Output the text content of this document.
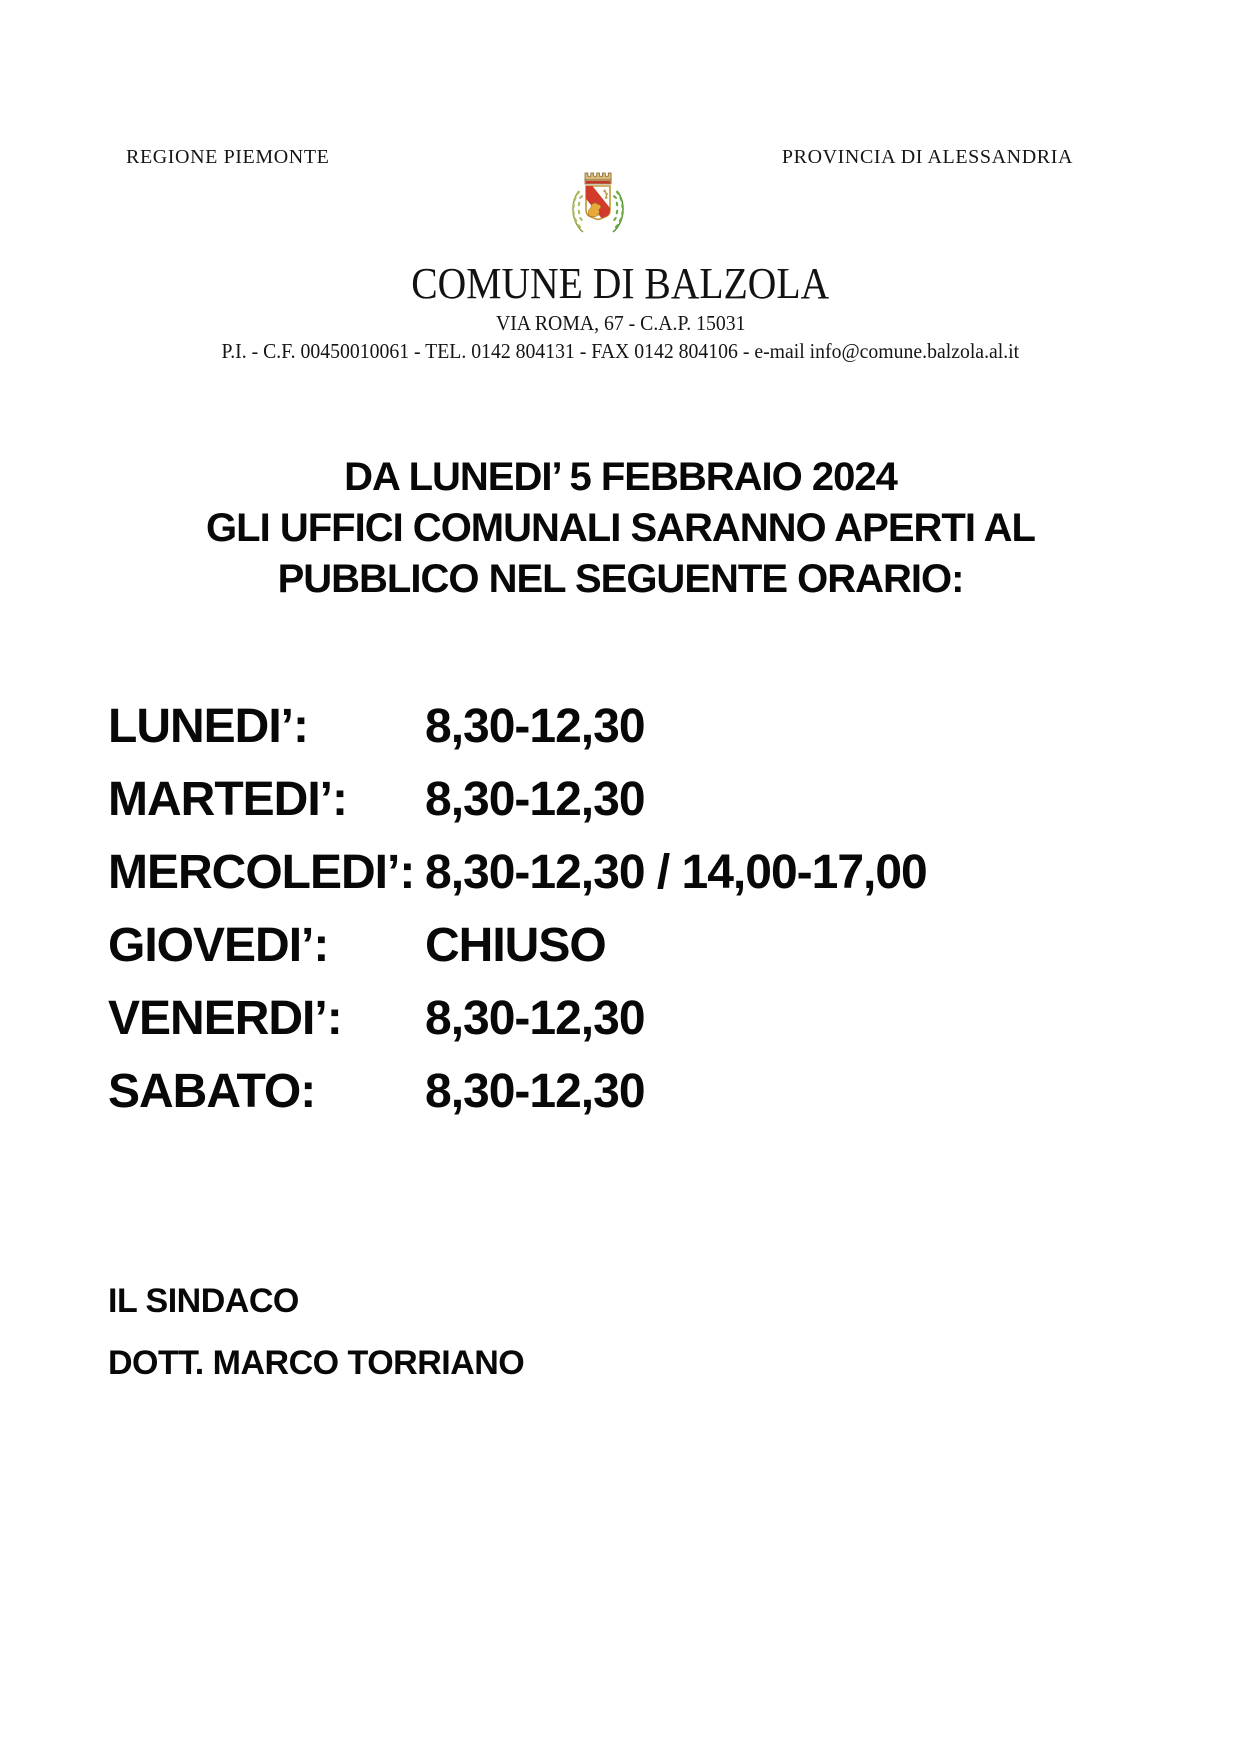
REGIONE PIEMONTE	PROVINCIA DI ALESSANDRIA
COMUNE DI BALZOLA
VIA ROMA, 67 - C.A.P. 15031
P.I. - C.F. 00450010061 - TEL. 0142 804131 - FAX 0142 804106 - e-mail info@comune.balzola.al.it
DA LUNEDI’ 5 FEBBRAIO 2024
GLI UFFICI COMUNALI SARANNO APERTI AL
PUBBLICO NEL SEGUENTE ORARIO:
LUNEDI’:	8,30-12,30
MARTEDI’:	8,30-12,30
MERCOLEDI’: 8,30-12,30 / 14,00-17,00
GIOVEDI’:	CHIUSO
VENERDI’:	8,30-12,30
SABATO:	8,30-12,30
IL SINDACO
DOTT. MARCO TORRIANO
